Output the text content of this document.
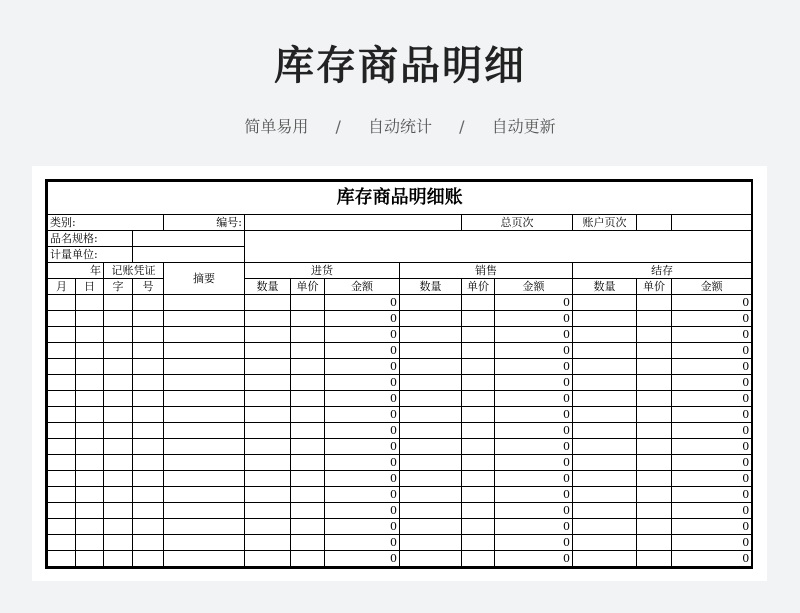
库存商品明细
简单易用 / 自动统计 / 自动更新
库存商品明细账													
类别:				编号:					总页次		账户页次		
品名规格:													
计量单位:													
年		记账凭证		摘要	进货			销售			结存		
月	日	字	号		数量	单价	金额	数量	单价	金额	数量	单价	金额
							0			0			0
							0			0			0
							0			0			0
							0			0			0
							0			0			0
							0			0			0
							0			0			0
							0			0			0
							0			0			0
							0			0			0
							0			0			0
							0			0			0
							0			0			0
							0			0			0
							0			0			0
							0			0			0
							0			0			0
